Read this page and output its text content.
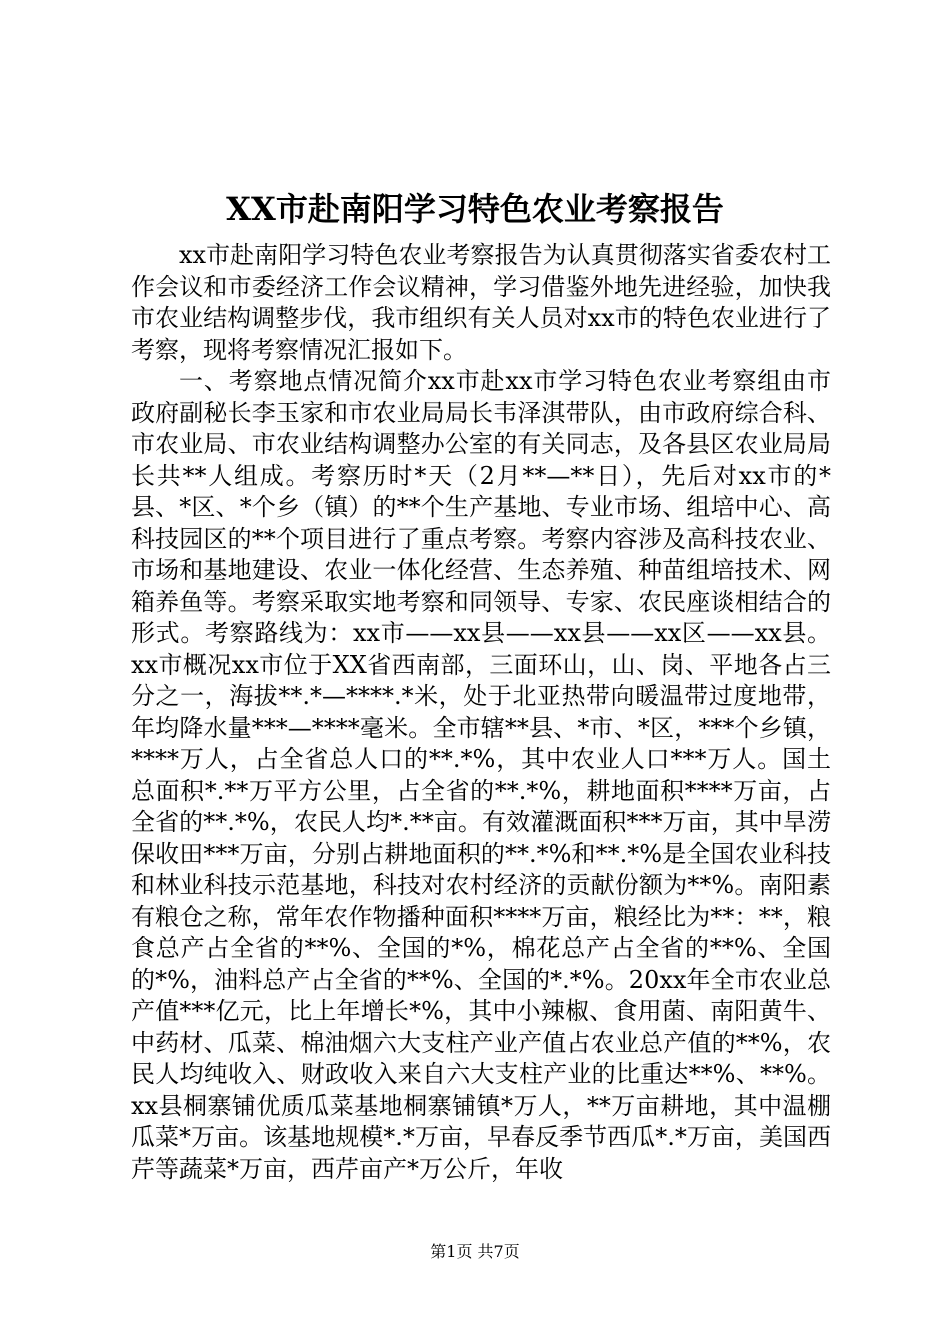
XX市赴南阳学习特色农业考察报告

xx市赴南阳学习特色农业考察报告为认真贯彻落实省委农村工作会议和市委经济工作会议精神，学习借鉴外地先进经验，加快我市农业结构调整步伐，我市组织有关人员对xx市的特色农业进行了考察，现将考察情况汇报如下。

一、考察地点情况简介xx市赴xx市学习特色农业考察组由市政府副秘长李玉家和市农业局局长韦泽淇带队，由市政府综合科、市农业局、市农业结构调整办公室的有关同志，及各县区农业局局长共**人组成。考察历时*天（2月**—**日），先后对xx市的*县、*区、*个乡（镇）的**个生产基地、专业市场、组培中心、高科技园区的**个项目进行了重点考察。考察内容涉及高科技农业、市场和基地建设、农业一体化经营、生态养殖、种苗组培技术、网箱养鱼等。考察采取实地考察和同领导、专家、农民座谈相结合的形式。考察路线为：xx市——xx县——xx县——xx区——xx县。xx市概况xx市位于XX省西南部，三面环山，山、岗、平地各占三分之一，海拔**.*—****.*米，处于北亚热带向暖温带过度地带，年均降水量***—****毫米。全市辖**县、*市、*区，***个乡镇，****万人，占全省总人口的**.*%，其中农业人口***万人。国土总面积*.**万平方公里，占全省的**.*%，耕地面积****万亩，占全省的**.*%，农民人均*.**亩。有效灌溉面积***万亩，其中旱涝保收田***万亩，分别占耕地面积的**.*%和**.*%是全国农业科技和林业科技示范基地，科技对农村经济的贡献份额为**%。南阳素有粮仓之称，常年农作物播种面积****万亩，粮经比为**：**，粮食总产占全省的**%、全国的*%，棉花总产占全省的**%、全国的*%，油料总产占全省的**%、全国的*.*%。20xx年全市农业总产值***亿元，比上年增长*%，其中小辣椒、食用菌、南阳黄牛、中药材、瓜菜、棉油烟六大支柱产业产值占农业总产值的**%，农民人均纯收入、财政收入来自六大支柱产业的比重达**%、**%。xx县桐寨铺优质瓜菜基地桐寨铺镇*万人，**万亩耕地，其中温棚瓜菜*万亩。该基地规模*.*万亩，早春反季节西瓜*.*万亩，美国西芹等蔬菜*万亩，西芹亩产*万公斤，年收

第1页 共7页
